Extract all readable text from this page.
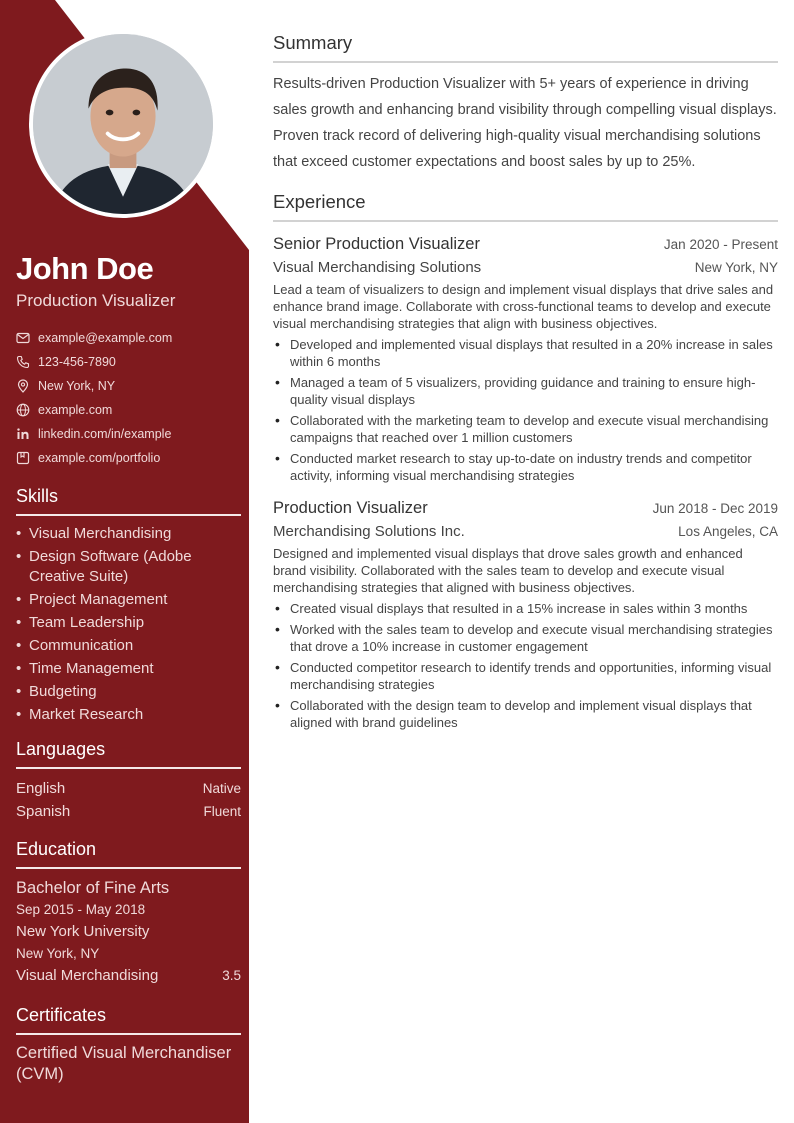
John Doe
Production Visualizer
example@example.com
123-456-7890
New York, NY
example.com
linkedin.com/in/example
example.com/portfolio
Skills
• Visual Merchandising
• Design Software (Adobe Creative Suite)
• Project Management
• Team Leadership
• Communication
• Time Management
• Budgeting
• Market Research
Languages
English	Native
Spanish	Fluent
Education
Bachelor of Fine Arts
Sep 2015 - May 2018
New York University
New York, NY
Visual Merchandising	3.5
Certificates
Certified Visual Merchandiser (CVM)
Summary

Results-driven Production Visualizer with 5+ years of experience in driving sales growth and enhancing brand visibility through compelling visual displays. Proven track record of delivering high-quality visual merchandising solutions that exceed customer expectations and boost sales by up to 25%.

Experience
Senior Production Visualizer	Jan 2020 - Present
Visual Merchandising Solutions	New York, NY
Lead a team of visualizers to design and implement visual displays that drive sales and enhance brand image. Collaborate with cross-functional teams to develop and execute visual merchandising strategies that align with business objectives.
• Developed and implemented visual displays that resulted in a 20% increase in sales within 6 months
• Managed a team of 5 visualizers, providing guidance and training to ensure high-quality visual displays
• Collaborated with the marketing team to develop and execute visual merchandising campaigns that reached over 1 million customers
• Conducted market research to stay up-to-date on industry trends and competitor activity, informing visual merchandising strategies
Production Visualizer	Jun 2018 - Dec 2019
Merchandising Solutions Inc.	Los Angeles, CA
Designed and implemented visual displays that drove sales growth and enhanced brand visibility. Collaborated with the sales team to develop and execute visual merchandising strategies that aligned with business objectives.
• Created visual displays that resulted in a 15% increase in sales within 3 months
• Worked with the sales team to develop and execute visual merchandising strategies that drove a 10% increase in customer engagement
• Conducted competitor research to identify trends and opportunities, informing visual merchandising strategies
• Collaborated with the design team to develop and implement visual displays that aligned with brand guidelines
